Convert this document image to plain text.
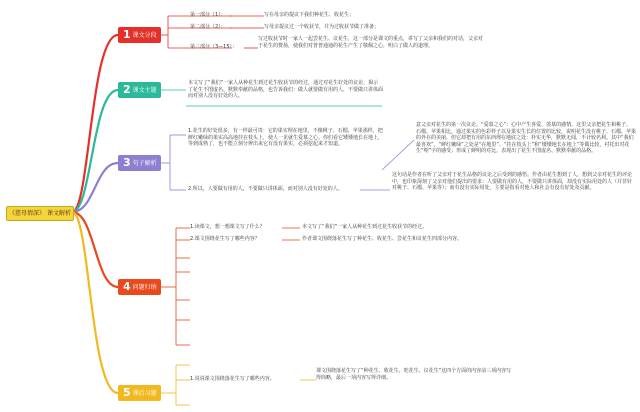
《慈母情深》 课文解析
1 课文分段
2 课文主题
3 句子解析
4 问题归纳
5 课后习题
第一部分（1）：	写在母亲的提议下我们种花生、收花生；
第二部分（2）：	写母亲提议过一个收获节，并为过收获节做了准备；
第三部分（3—15）：
写过收获节时一家人一起尝花生、议花生，这一部分是课文的重点，讲写了父亲和我们的对话，父亲对于花生的赞扬，使我们对普普通通的花生产生了敬佩之心，明白了做人的道理。
本文写了“我们”一家人从种花生到过花生收获节的经过，通过对花生好处的议论，揭示了花生不图虚名、默默奉献的品格，也告诉我们：做人就要做有用的人，不要做只讲体面而对别人没有好处的人。
1.花生的好处很多，有一样最可贵：它的果实埋在地里，不像桃子、石榴、苹果那样，把鲜红嫩绿的果实高高地挂在枝头上，使人一见就生爱慕之心。你们看它矮矮地长在地上，等到成熟了，也不能立刻分辨出来它有没有果实，必须挖起来才知道。
意父亲对花生的第一次议论。“爱慕之心”：心中产生喜爱、羡慕的感情。这里父亲把花生和桃子、石榴、苹果相比，通过果实的色彩样子以及果实生长的位置的比较，说明花生没有桃子、石榴、苹果的外在的美丽，但它却把有用的东西埋在地底之处：朴实无华，默默无闻，不计较名利。其中“我们最喜欢”，“鲜红嫩绿”之处是“在地里”、“挂在枝头上”和“矮矮地长在地上”等做比较，衬托出对花生“埋”字的感受；形成了鲜明的对比，表现出了花生不图虚名、默默奉献的品格。
2.所以，人要做有用的人，不要做只讲体面，而对别人没有好处的人。
这句话是作者在听了父亲对于花生品格的议论之后受到的感悟。作者由花生想到了人，想到父亲对花生的评论中，也印象深刻了父亲对他们提出的要求：人要做有用的人，不要做只讲体面，却没有实际用处的人（并非针对桃子、石榴、苹果等）；而有没有实际用处，主要是指看对他人和社会有没有好处及贡献。
1.读课文，想一想课文写了什么？	本文写了“我们”一家人从种花生到过花生收获节的经过。
2.课文围绕花生写了哪些内容？	作者课文围绕落花生写了种花生、收花生、尝花生和议花生四部分内容。
1.说说课文围绕落花生写了哪些内容。
课文围绕落花生写了“种花生、收花生、吃花生、议花生”这四个方面的内容前三项内容写得简略，最后一项内容写得详细。
